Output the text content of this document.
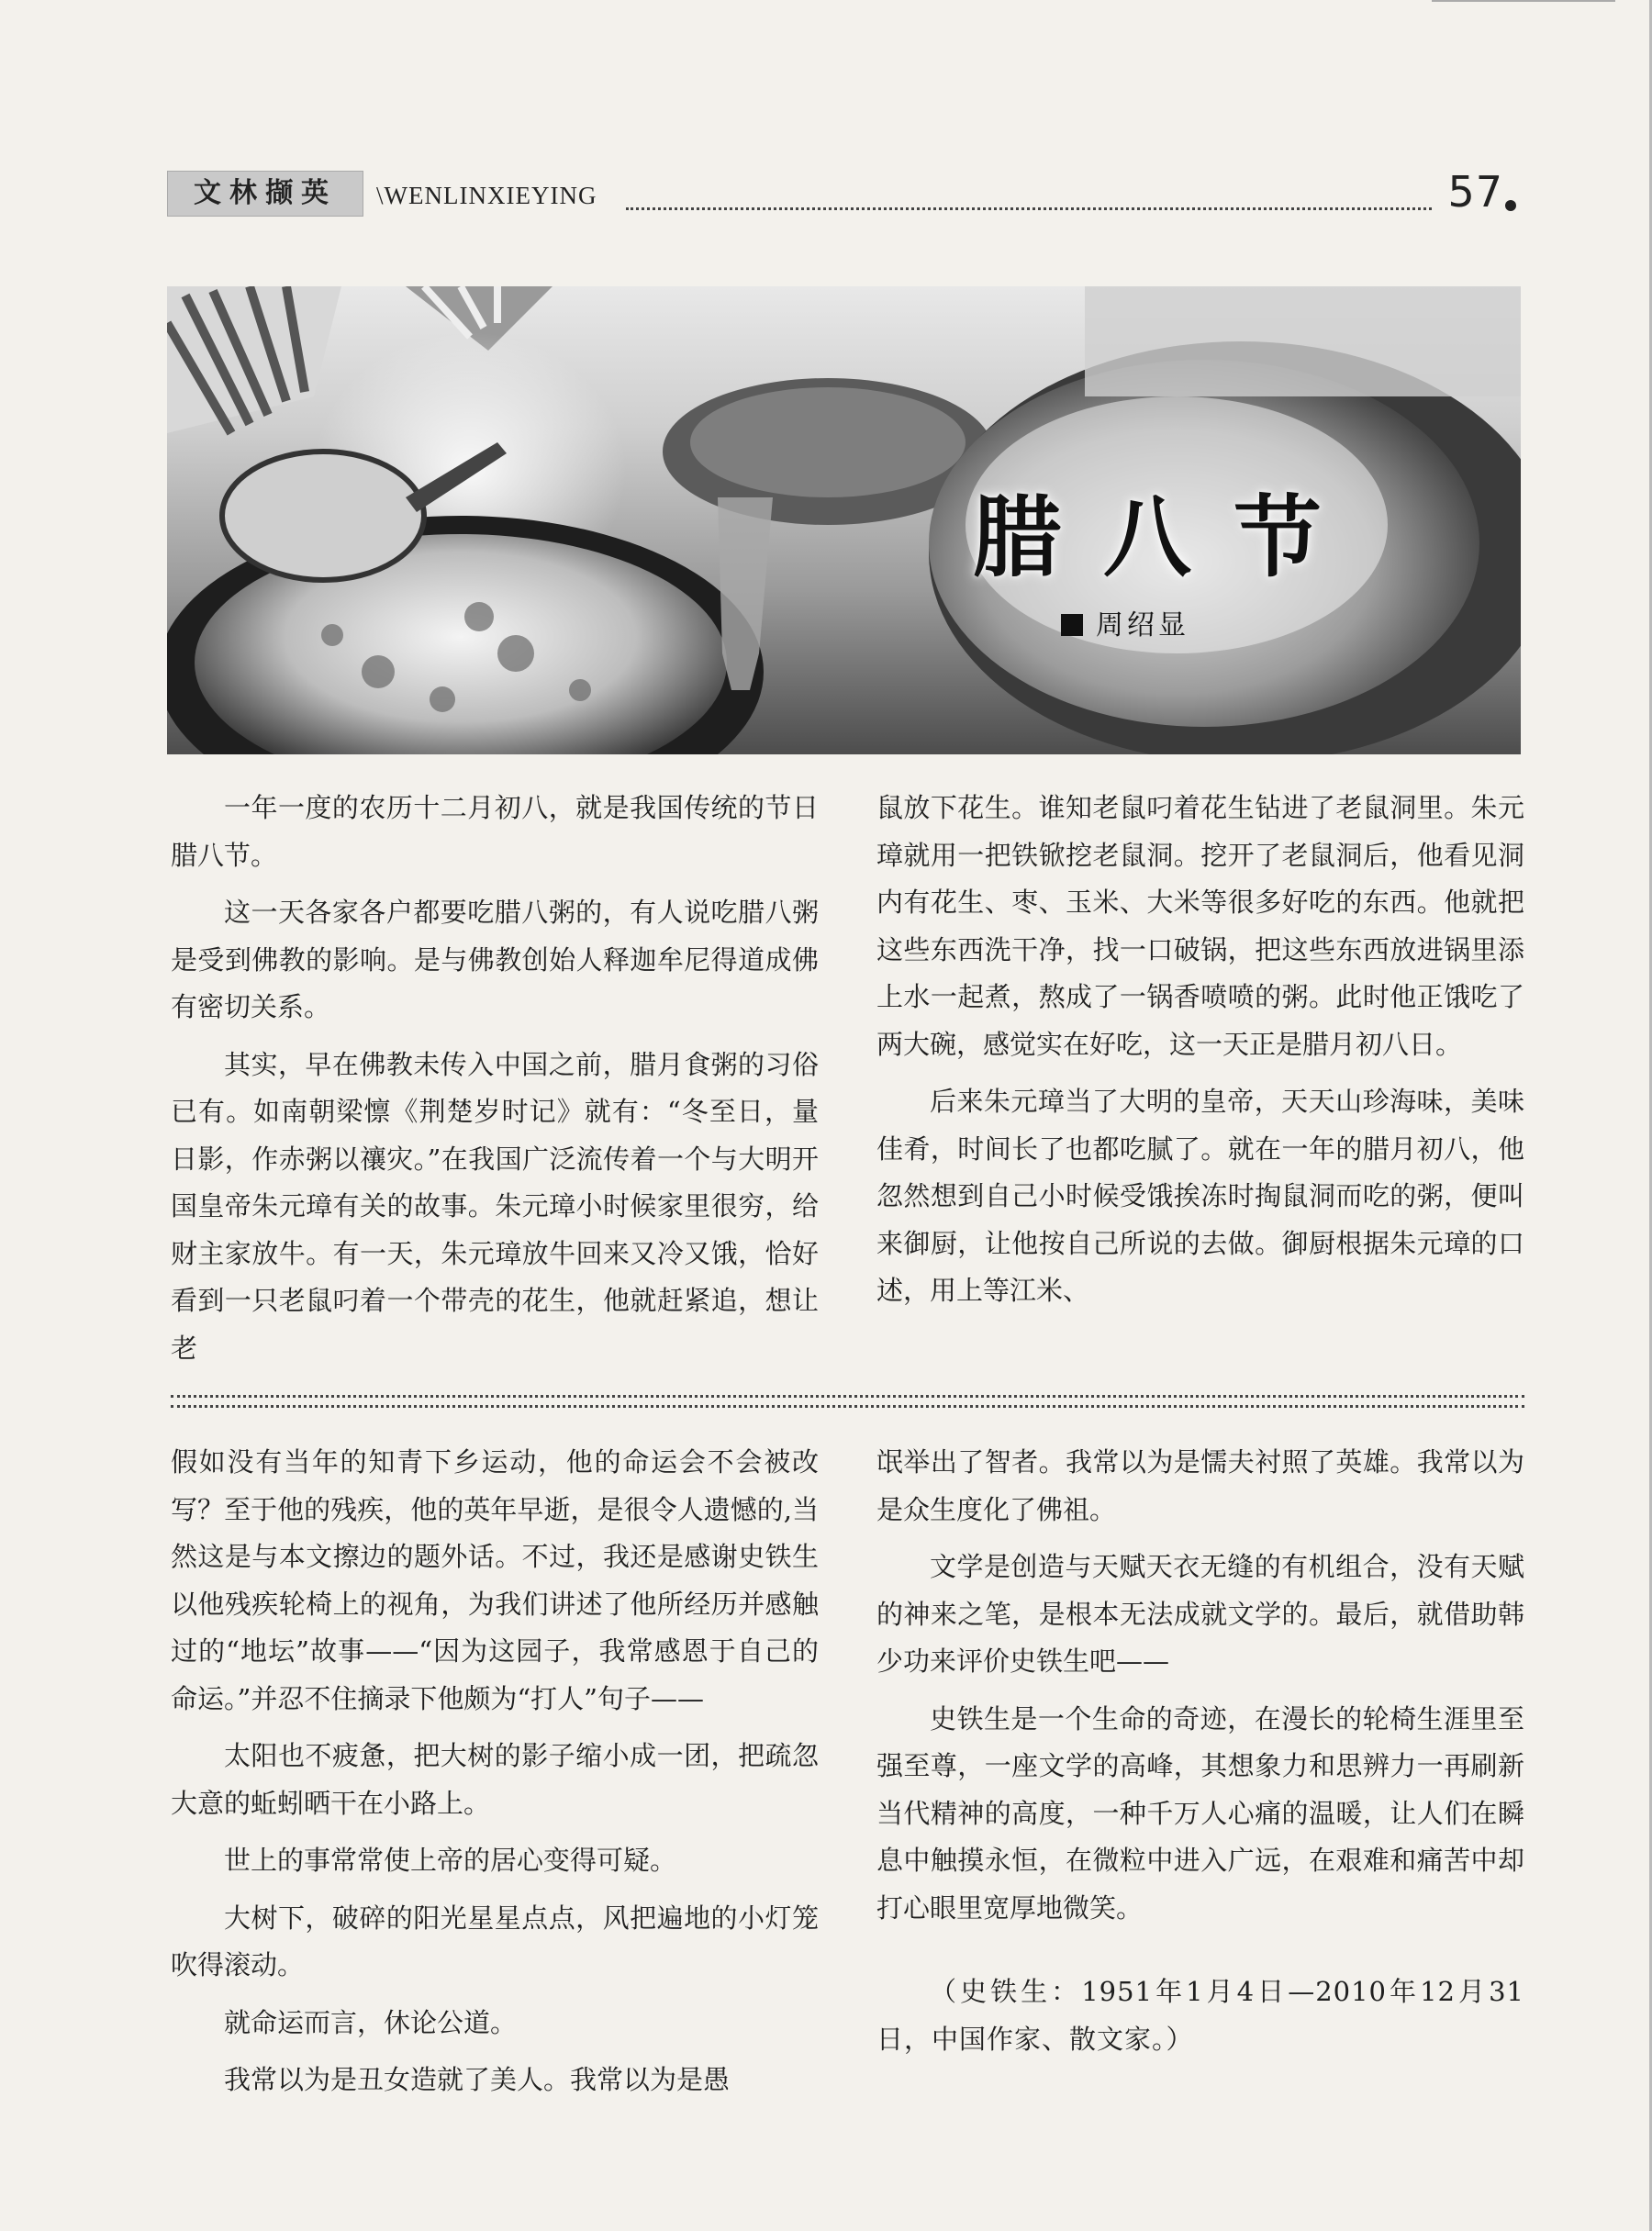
文林撷英	\WENLINXIEYING	57
腊八节
周绍显

一年一度的农历十二月初八，就是我国传统的节日腊八节。

这一天各家各户都要吃腊八粥的，有人说吃腊八粥是受到佛教的影响。是与佛教创始人释迦牟尼得道成佛有密切关系。

其实，早在佛教未传入中国之前，腊月食粥的习俗已有。如南朝梁懔《荆楚岁时记》就有：“冬至日，量日影，作赤粥以禳灾。”在我国广泛流传着一个与大明开国皇帝朱元璋有关的故事。朱元璋小时候家里很穷，给财主家放牛。有一天，朱元璋放牛回来又冷又饿，恰好看到一只老鼠叼着一个带壳的花生，他就赶紧追，想让老

鼠放下花生。谁知老鼠叼着花生钻进了老鼠洞里。朱元璋就用一把铁锨挖老鼠洞。挖开了老鼠洞后，他看见洞内有花生、枣、玉米、大米等很多好吃的东西。他就把这些东西洗干净，找一口破锅，把这些东西放进锅里添上水一起煮，熬成了一锅香喷喷的粥。此时他正饿吃了两大碗，感觉实在好吃，这一天正是腊月初八日。

后来朱元璋当了大明的皇帝，天天山珍海味，美味佳肴，时间长了也都吃腻了。就在一年的腊月初八，他忽然想到自己小时候受饿挨冻时掏鼠洞而吃的粥，便叫来御厨，让他按自己所说的去做。御厨根据朱元璋的口述，用上等江米、

假如没有当年的知青下乡运动，他的命运会不会被改写？至于他的残疾，他的英年早逝，是很令人遗憾的,当然这是与本文擦边的题外话。不过，我还是感谢史铁生以他残疾轮椅上的视角，为我们讲述了他所经历并感触过的“地坛”故事——“因为这园子，我常感恩于自己的命运。”并忍不住摘录下他颇为“打人”句子——

太阳也不疲惫，把大树的影子缩小成一团，把疏忽大意的蚯蚓晒干在小路上。

世上的事常常使上帝的居心变得可疑。

大树下，破碎的阳光星星点点，风把遍地的小灯笼吹得滚动。

就命运而言，休论公道。

我常以为是丑女造就了美人。我常以为是愚

氓举出了智者。我常以为是懦夫衬照了英雄。我常以为是众生度化了佛祖。

文学是创造与天赋天衣无缝的有机组合，没有天赋的神来之笔，是根本无法成就文学的。最后，就借助韩少功来评价史铁生吧——

史铁生是一个生命的奇迹，在漫长的轮椅生涯里至强至尊，一座文学的高峰，其想象力和思辨力一再刷新当代精神的高度，一种千万人心痛的温暖，让人们在瞬息中触摸永恒，在微粒中进入广远，在艰难和痛苦中却打心眼里宽厚地微笑。

（史铁生：1951年1月4日—2010年12月31日，中国作家、散文家。）
